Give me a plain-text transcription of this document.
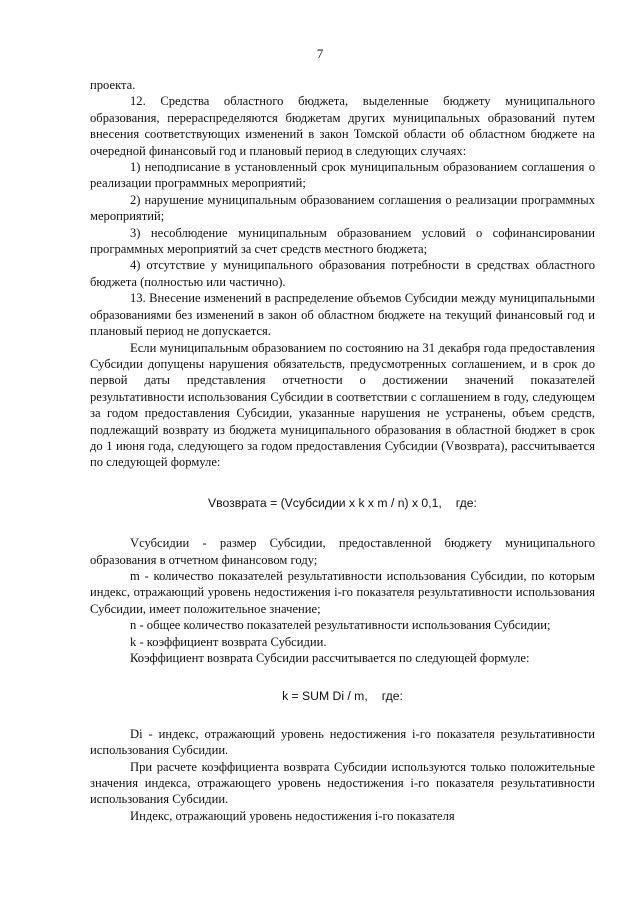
7

проекта.

12. Средства областного бюджета, выделенные бюджету муниципального образования, перераспределяются бюджетам других муниципальных образований путем внесения соответствующих изменений в закон Томской области об областном бюджете на очередной финансовый год и плановый период в следующих случаях:

1) неподписание в установленный срок муниципальным образованием соглашения о реализации программных мероприятий;

2) нарушение муниципальным образованием соглашения о реализации программных мероприятий;

3) несоблюдение муниципальным образованием условий о софинансировании программных мероприятий за счет средств местного бюджета;

4) отсутствие у муниципального образования потребности в средствах областного бюджета (полностью или частично).

13. Внесение изменений в распределение объемов Субсидии между муниципальными образованиями без изменений в закон об областном бюджете на текущий финансовый год и плановый период не допускается.

Если муниципальным образованием по состоянию на 31 декабря года предоставления Субсидии допущены нарушения обязательств, предусмотренных соглашением, и в срок до первой даты представления отчетности о достижении значений показателей результативности использования Субсидии в соответствии с соглашением в году, следующем за годом предоставления Субсидии, указанные нарушения не устранены, объем средств, подлежащий возврату из бюджета муниципального образования в областной бюджет в срок до 1 июня года, следующего за годом предоставления Субсидии (Vвозврата), рассчитывается по следующей формуле:

Vвозврата = (Vсубсидии x k x m / n) x 0,1, где:

Vсубсидии - размер Субсидии, предоставленной бюджету муниципального образования в отчетном финансовом году;

m - количество показателей результативности использования Субсидии, по которым индекс, отражающий уровень недостижения i-го показателя результативности использования Субсидии, имеет положительное значение;

n - общее количество показателей результативности использования Субсидии;

k - коэффициент возврата Субсидии.

Коэффициент возврата Субсидии рассчитывается по следующей формуле:

k = SUM Di / m, где:

Di - индекс, отражающий уровень недостижения i-го показателя результативности использования Субсидии.

При расчете коэффициента возврата Субсидии используются только положительные значения индекса, отражающего уровень недостижения i-го показателя результативности использования Субсидии.

Индекс, отражающий уровень недостижения i-го показателя
